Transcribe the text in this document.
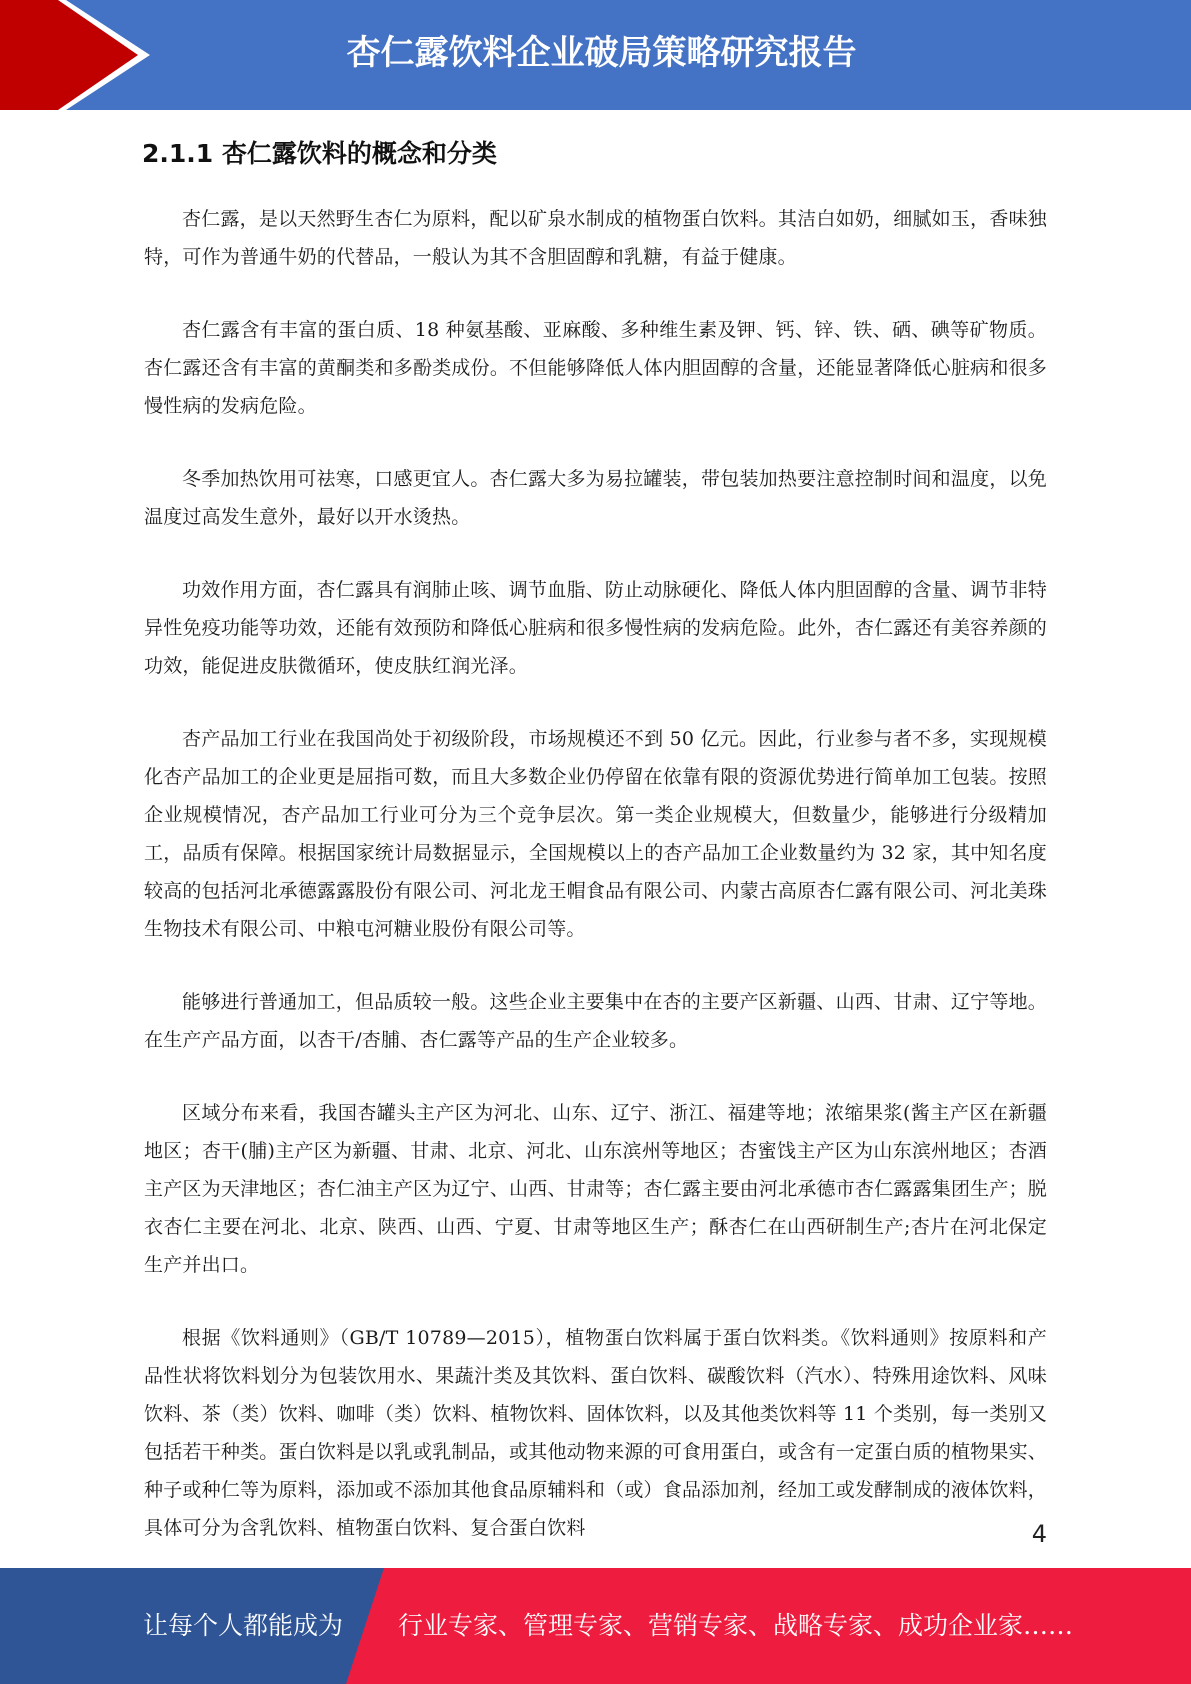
杏仁露饮料企业破局策略研究报告
2.1.1 杏仁露饮料的概念和分类

杏仁露，是以天然野生杏仁为原料，配以矿泉水制成的植物蛋白饮料。其洁白如奶，细腻如玉，香味独特，可作为普通牛奶的代替品，一般认为其不含胆固醇和乳糖，有益于健康。

杏仁露含有丰富的蛋白质、18 种氨基酸、亚麻酸、多种维生素及钾、钙、锌、铁、硒、碘等矿物质。杏仁露还含有丰富的黄酮类和多酚类成份。不但能够降低人体内胆固醇的含量，还能显著降低心脏病和很多慢性病的发病危险。

冬季加热饮用可祛寒，口感更宜人。杏仁露大多为易拉罐装，带包装加热要注意控制时间和温度，以免温度过高发生意外，最好以开水烫热。

功效作用方面，杏仁露具有润肺止咳、调节血脂、防止动脉硬化、降低人体内胆固醇的含量、调节非特异性免疫功能等功效，还能有效预防和降低心脏病和很多慢性病的发病危险。此外，杏仁露还有美容养颜的功效，能促进皮肤微循环，使皮肤红润光泽。

杏产品加工行业在我国尚处于初级阶段，市场规模还不到 50 亿元。因此，行业参与者不多，实现规模化杏产品加工的企业更是屈指可数，而且大多数企业仍停留在依靠有限的资源优势进行简单加工包装。按照企业规模情况，杏产品加工行业可分为三个竞争层次。第一类企业规模大，但数量少，能够进行分级精加工，品质有保障。根据国家统计局数据显示，全国规模以上的杏产品加工企业数量约为 32 家，其中知名度较高的包括河北承德露露股份有限公司、河北龙王帽食品有限公司、内蒙古高原杏仁露有限公司、河北美珠生物技术有限公司、中粮屯河糖业股份有限公司等。

能够进行普通加工，但品质较一般。这些企业主要集中在杏的主要产区新疆、山西、甘肃、辽宁等地。在生产产品方面，以杏干/杏脯、杏仁露等产品的生产企业较多。

区域分布来看，我国杏罐头主产区为河北、山东、辽宁、浙江、福建等地；浓缩果浆(酱主产区在新疆地区；杏干(脯)主产区为新疆、甘肃、北京、河北、山东滨州等地区；杏蜜饯主产区为山东滨州地区；杏酒主产区为天津地区；杏仁油主产区为辽宁、山西、甘肃等；杏仁露主要由河北承德市杏仁露露集团生产；脱衣杏仁主要在河北、北京、陕西、山西、宁夏、甘肃等地区生产；酥杏仁在山西研制生产;杏片在河北保定生产并出口。

根据《饮料通则》（GB/T 10789—2015），植物蛋白饮料属于蛋白饮料类。《饮料通则》按原料和产品性状将饮料划分为包装饮用水、果蔬汁类及其饮料、蛋白饮料、碳酸饮料（汽水）、特殊用途饮料、风味饮料、茶（类）饮料、咖啡（类）饮料、植物饮料、固体饮料，以及其他类饮料等 11 个类别，每一类别又包括若干种类。蛋白饮料是以乳或乳制品，或其他动物来源的可食用蛋白，或含有一定蛋白质的植物果实、种子或种仁等为原料，添加或不添加其他食品原辅料和（或）食品添加剂，经加工或发酵制成的液体饮料，具体可分为含乳饮料、植物蛋白饮料、复合蛋白饮料	4
让每个人都能成为 行业专家、管理专家、营销专家、战略专家、成功企业家……
